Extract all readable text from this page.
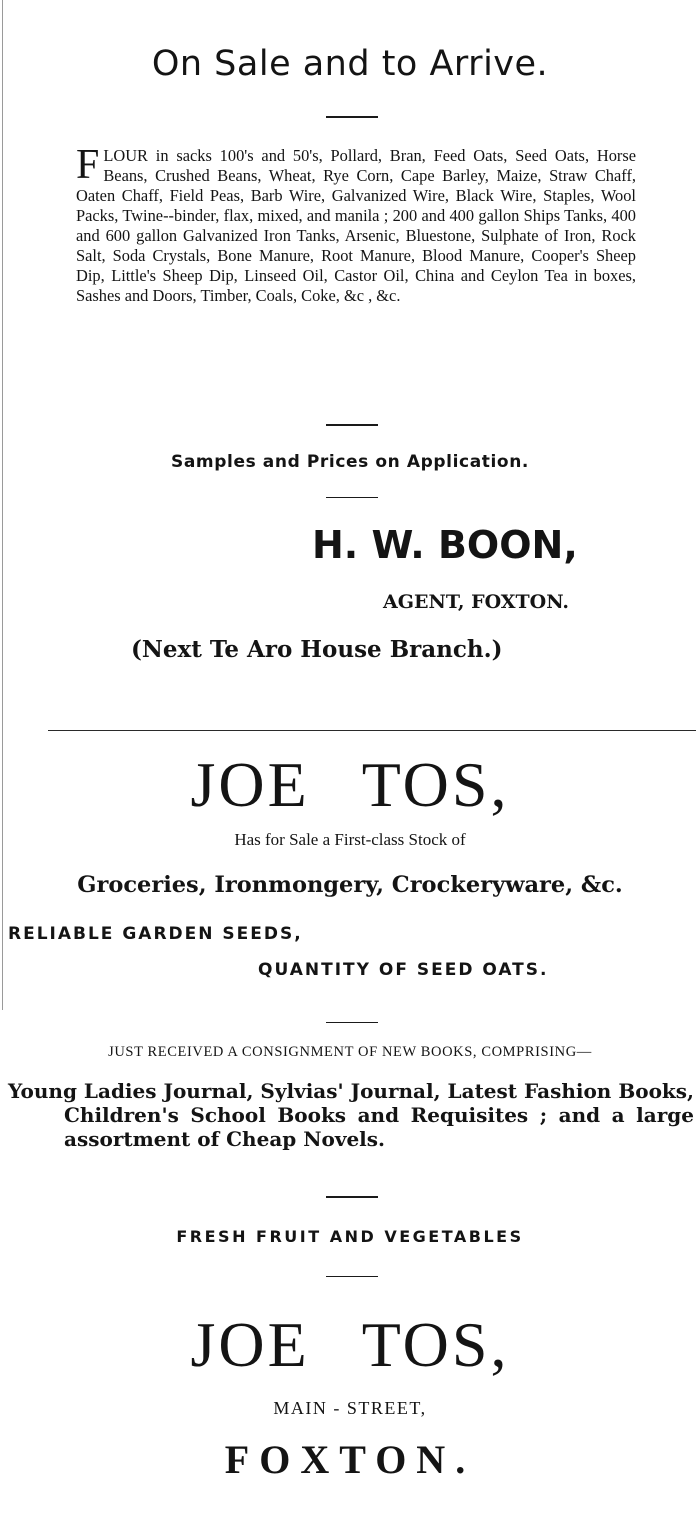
On Sale and to Arrive.
F LOUR in sacks 100's and 50's, Pollard, Bran, Feed Oats, Seed Oats, Horse Beans, Crushed Beans, Wheat, Rye Corn, Cape Barley, Maize, Straw Chaff, Oaten Chaff, Field Peas, Barb Wire, Galvanized Wire, Black Wire, Staples, Wool Packs, Twine--binder, flax, mixed, and manila ; 200 and 400 gallon Ships Tanks, 400 and 600 gallon Galvanized Iron Tanks, Arsenic, Bluestone, Sulphate of Iron, Rock Salt, Soda Crystals, Bone Manure, Root Manure, Blood Manure, Cooper's Sheep Dip, Little's Sheep Dip, Linseed Oil, Castor Oil, China and Ceylon Tea in boxes, Sashes and Doors, Timber, Coals, Coke, &c , &c.

Samples and Prices on Application.

H. W. BOON,

AGENT, FOXTON.

(Next Te Aro House Branch.)

JOE TOS,

Has for Sale a First-class Stock of

Groceries, Ironmongery, Crockeryware, &c.

RELIABLE GARDEN SEEDS,

QUANTITY OF SEED OATS.

JUST RECEIVED A CONSIGNMENT OF NEW BOOKS, COMPRISING—

Young Ladies Journal, Sylvias' Journal, Latest Fashion Books, Children's School Books and Requisites ; and a large assortment of Cheap Novels.

FRESH FRUIT AND VEGETABLES

JOE TOS,

MAIN - STREET,

FOXTON.
